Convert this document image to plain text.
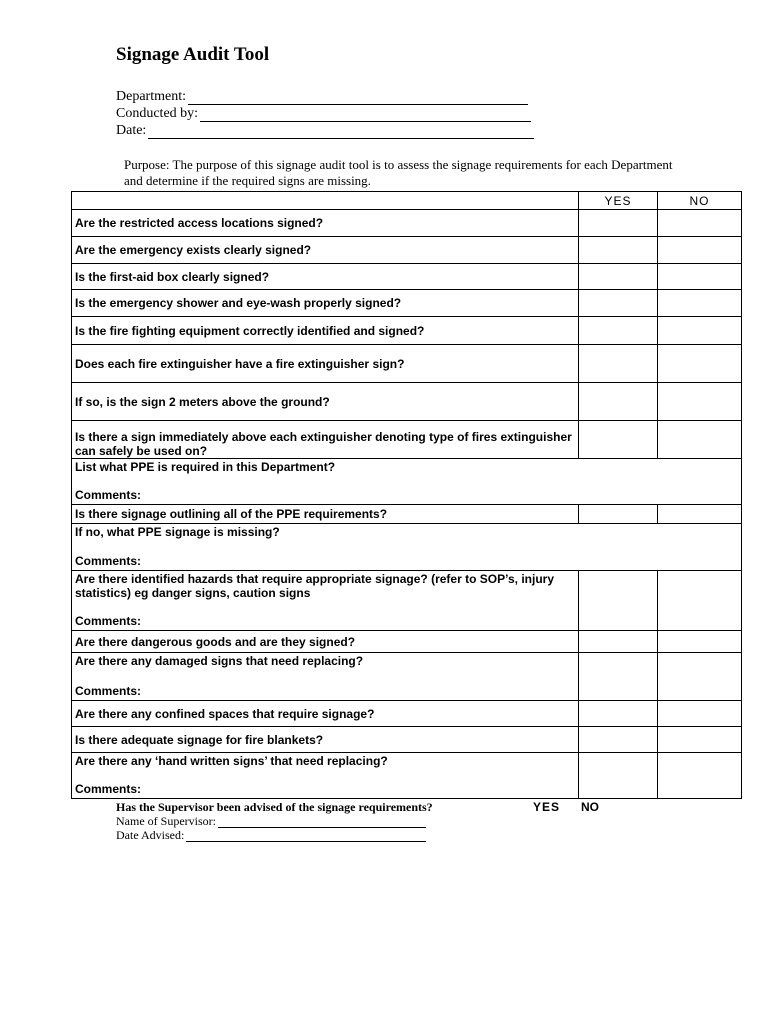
Signage Audit Tool
Department:
Conducted by:
Date:
Purpose: The purpose of this signage audit tool is to assess the signage requirements for each Department and determine if the required signs are missing.
	YES	NO
Are the restricted access locations signed?		
Are the emergency exists clearly signed?		
Is the first-aid box clearly signed?		
Is the emergency shower and eye-wash properly signed?		
Is the fire fighting equipment correctly identified and signed?		
Does each fire extinguisher have a fire extinguisher sign?		
If so, is the sign 2 meters above the ground?		
Is there a sign immediately above each extinguisher denoting type of fires extinguisher can safely be used on?		

List what PPE is required in this Department?
Comments:		

Is there signage outlining all of the PPE requirements?		

If no, what PPE signage is missing?
Comments:		

Are there identified hazards that require appropriate signage? (refer to SOP’s, injury statistics) eg danger signs, caution signs
Comments:		

Are there dangerous goods and are they signed?		

Are there any damaged signs that need replacing?
Comments:		

Are there any confined spaces that require signage?		
Is there adequate signage for fire blankets?		

Are there any ‘hand written signs’ that need replacing?
Comments:		

Has the Supervisor been advised of the signage requirements?	YES NO
Name of Supervisor:
Date Advised:
